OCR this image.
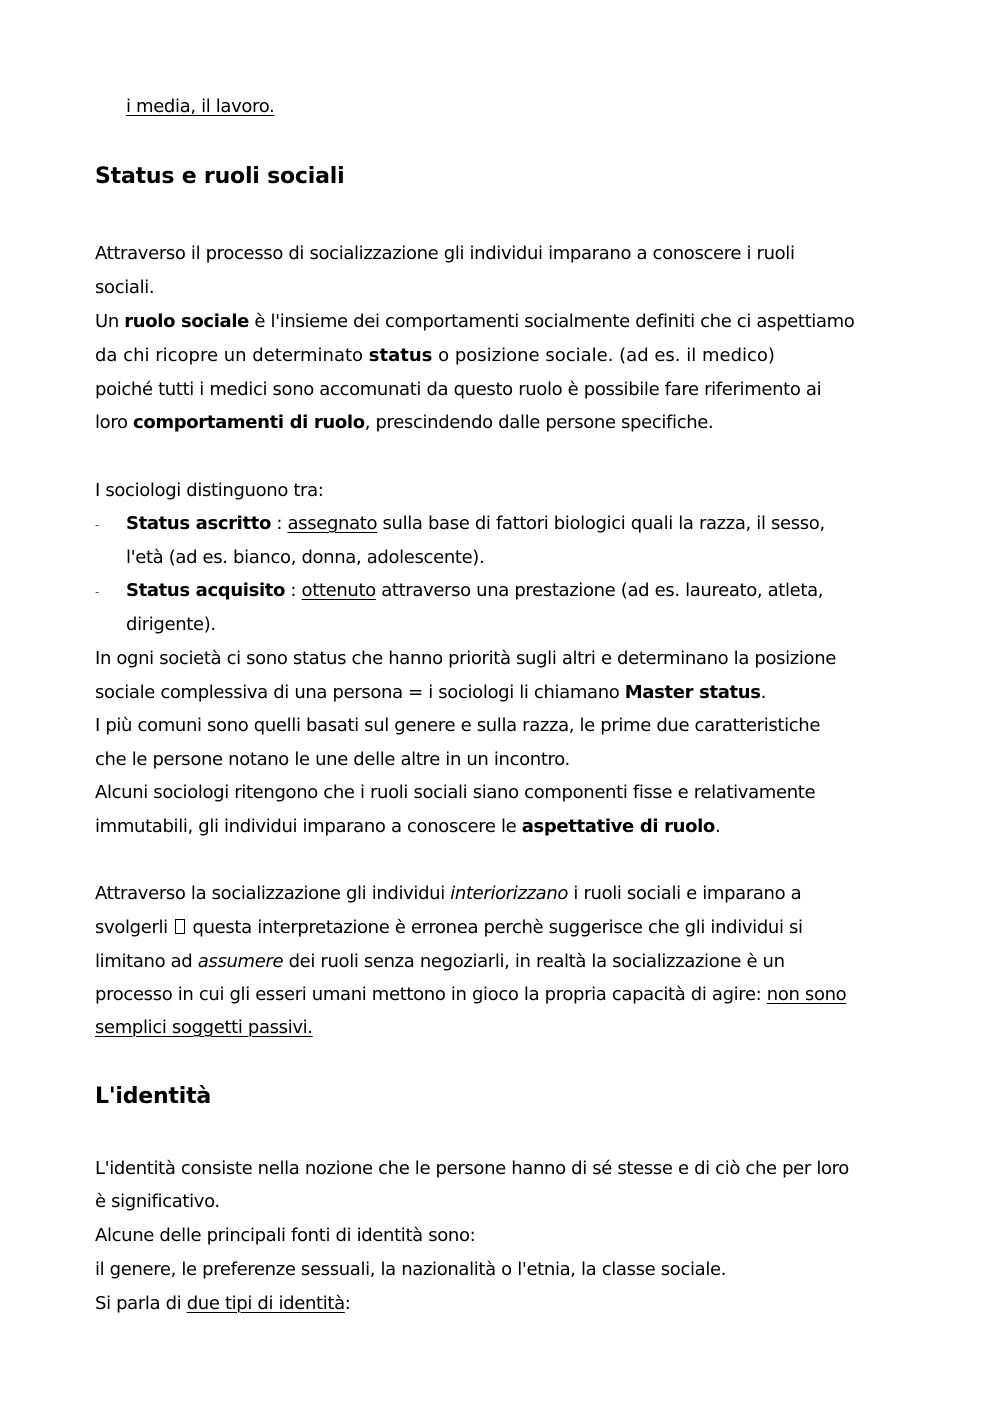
i media, il lavoro.
Status e ruoli sociali
Attraverso il processo di socializzazione gli individui imparano a conoscere i ruoli
sociali.
Un ruolo sociale è l'insieme dei comportamenti socialmente definiti che ci aspettiamo
da chi ricopre un determinato status o posizione sociale. (ad es. il medico)
poiché tutti i medici sono accomunati da questo ruolo è possibile fare riferimento ai
loro comportamenti di ruolo, prescindendo dalle persone specifiche.
I sociologi distinguono tra:
- Status ascritto : assegnato sulla base di fattori biologici quali la razza, il sesso,
l'età (ad es. bianco, donna, adolescente).
- Status acquisito : ottenuto attraverso una prestazione (ad es. laureato, atleta,
dirigente).
In ogni società ci sono status che hanno priorità sugli altri e determinano la posizione
sociale complessiva di una persona = i sociologi li chiamano Master status.
I più comuni sono quelli basati sul genere e sulla razza, le prime due caratteristiche
che le persone notano le une delle altre in un incontro.
Alcuni sociologi ritengono che i ruoli sociali siano componenti fisse e relativamente
immutabili, gli individui imparano a conoscere le aspettative di ruolo.
Attraverso la socializzazione gli individui interiorizzano i ruoli sociali e imparano a
svolgerli  questa interpretazione è erronea perchè suggerisce che gli individui si
limitano ad assumere dei ruoli senza negoziarli, in realtà la socializzazione è un
processo in cui gli esseri umani mettono in gioco la propria capacità di agire: non sono
semplici soggetti passivi.
L'identità
L'identità consiste nella nozione che le persone hanno di sé stesse e di ciò che per loro
è significativo.
Alcune delle principali fonti di identità sono:
il genere, le preferenze sessuali, la nazionalità o l'etnia, la classe sociale.
Si parla di due tipi di identità:
